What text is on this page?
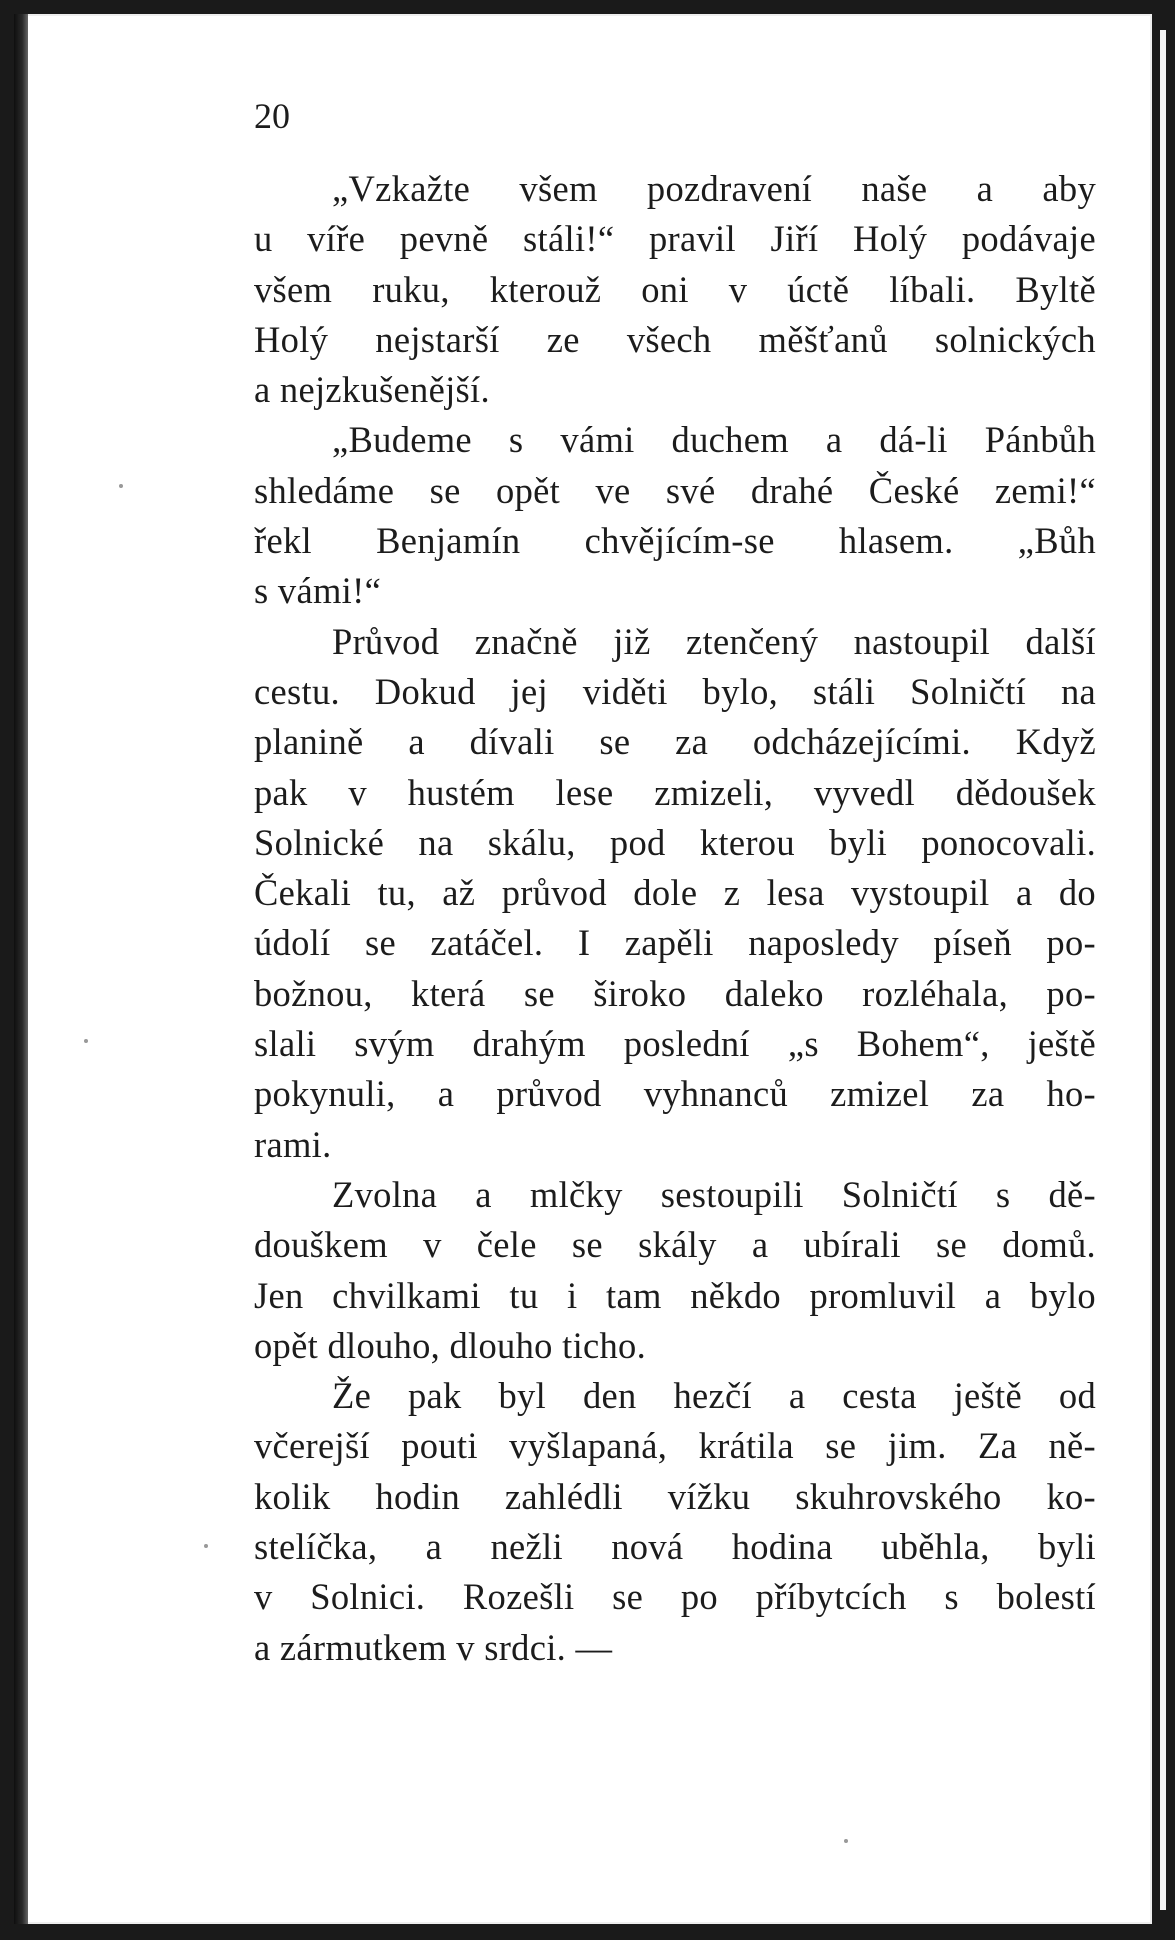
20
„Vzkažte všem pozdravení naše a aby
u víře pevně stáli!“ pravil Jiří Holý podávaje
všem ruku, kterouž oni v úctě líbali. Byltě
Holý nejstarší ze všech měšťanů solnických
a nejzkušenější.
„Budeme s vámi duchem a dá-li Pánbůh
shledáme se opět ve své drahé České zemi!“
řekl Benjamín chvějícím-se hlasem. „Bůh
s vámi!“
Průvod značně již ztenčený nastoupil další
cestu. Dokud jej viděti bylo, stáli Solničtí na
planině a dívali se za odcházejícími. Když
pak v hustém lese zmizeli, vyvedl dědoušek
Solnické na skálu, pod kterou byli ponocovali.
Čekali tu, až průvod dole z lesa vystoupil a do
údolí se zatáčel. I zapěli naposledy píseň po-
božnou, která se široko daleko rozléhala, po-
slali svým drahým poslední „s Bohem“, ještě
pokynuli, a průvod vyhnanců zmizel za ho-
rami.
Zvolna a mlčky sestoupili Solničtí s dě-
douškem v čele se skály a ubírali se domů.
Jen chvilkami tu i tam někdo promluvil a bylo
opět dlouho, dlouho ticho.
Že pak byl den hezčí a cesta ještě od
včerejší pouti vyšlapaná, krátila se jim. Za ně-
kolik hodin zahlédli vížku skuhrovského ko-
stelíčka, a nežli nová hodina uběhla, byli
v Solnici. Rozešli se po příbytcích s bolestí
a zármutkem v srdci. —
